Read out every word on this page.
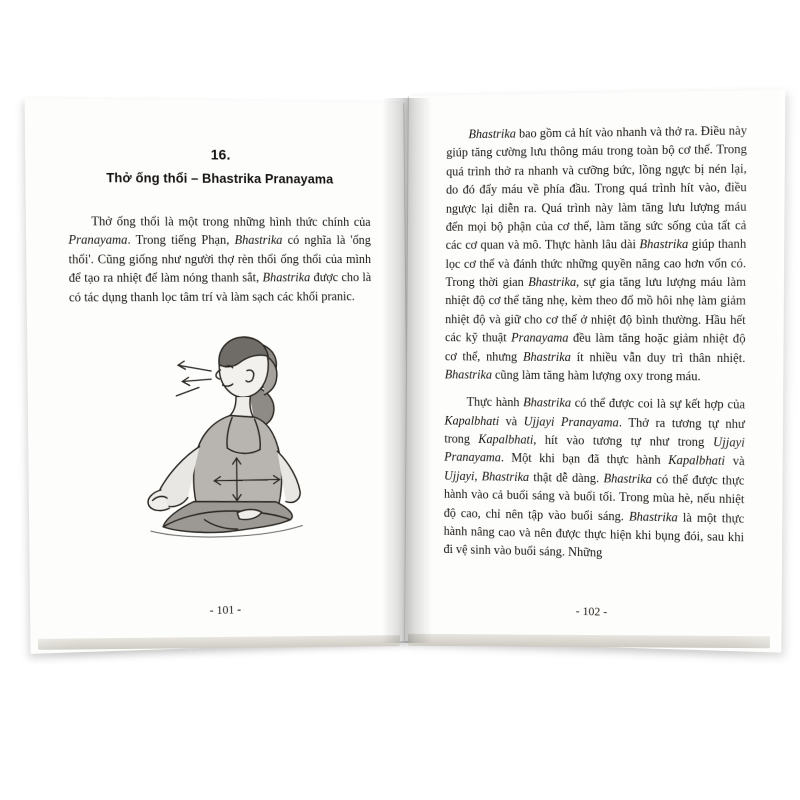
16.
Thở ống thổi – Bhastrika Pranayama

Thở ống thổi là một trong những hình thức chính của Pranayama. Trong tiếng Phạn, Bhastrika có nghĩa là 'ống thổi'. Cũng giống như người thợ rèn thổi ống thổi của mình để tạo ra nhiệt để làm nóng thanh sắt, Bhastrika được cho là có tác dụng thanh lọc tâm trí và làm sạch các khối pranic.

- 101 -

Bhastrika bao gồm cả hít vào nhanh và thở ra. Điều này giúp tăng cường lưu thông máu trong toàn bộ cơ thể. Trong quá trình thở ra nhanh và cưỡng bức, lồng ngực bị nén lại, do đó đẩy máu về phía đầu. Trong quá trình hít vào, điều ngược lại diễn ra. Quá trình này làm tăng lưu lượng máu đến mọi bộ phận của cơ thể, làm tăng sức sống của tất cả các cơ quan và mô. Thực hành lâu dài Bhastrika giúp thanh lọc cơ thể và đánh thức những quyền năng cao hơn vốn có. Trong thời gian Bhastrika, sự gia tăng lưu lượng máu làm nhiệt độ cơ thể tăng nhẹ, kèm theo đổ mồ hôi nhẹ làm giảm nhiệt độ và giữ cho cơ thể ở nhiệt độ bình thường. Hầu hết các kỹ thuật Pranayama đều làm tăng hoặc giảm nhiệt độ cơ thể, nhưng Bhastrika ít nhiều vẫn duy trì thân nhiệt. Bhastrika cũng làm tăng hàm lượng oxy trong máu.

Thực hành Bhastrika có thể được coi là sự kết hợp của Kapalbhati và Ujjayi Pranayama. Thở ra tương tự như trong Kapalbhati, hít vào tương tự như trong Ujjayi Pranayama. Một khi bạn đã thực hành Kapalbhati và Ujjayi, Bhastrika thật dễ dàng. Bhastrika có thể được thực hành vào cả buổi sáng và buổi tối. Trong mùa hè, nếu nhiệt độ cao, chỉ nên tập vào buổi sáng. Bhastrika là một thực hành nâng cao và nên được thực hiện khi bụng đói, sau khi đi vệ sinh vào buổi sáng. Những

- 102 -
